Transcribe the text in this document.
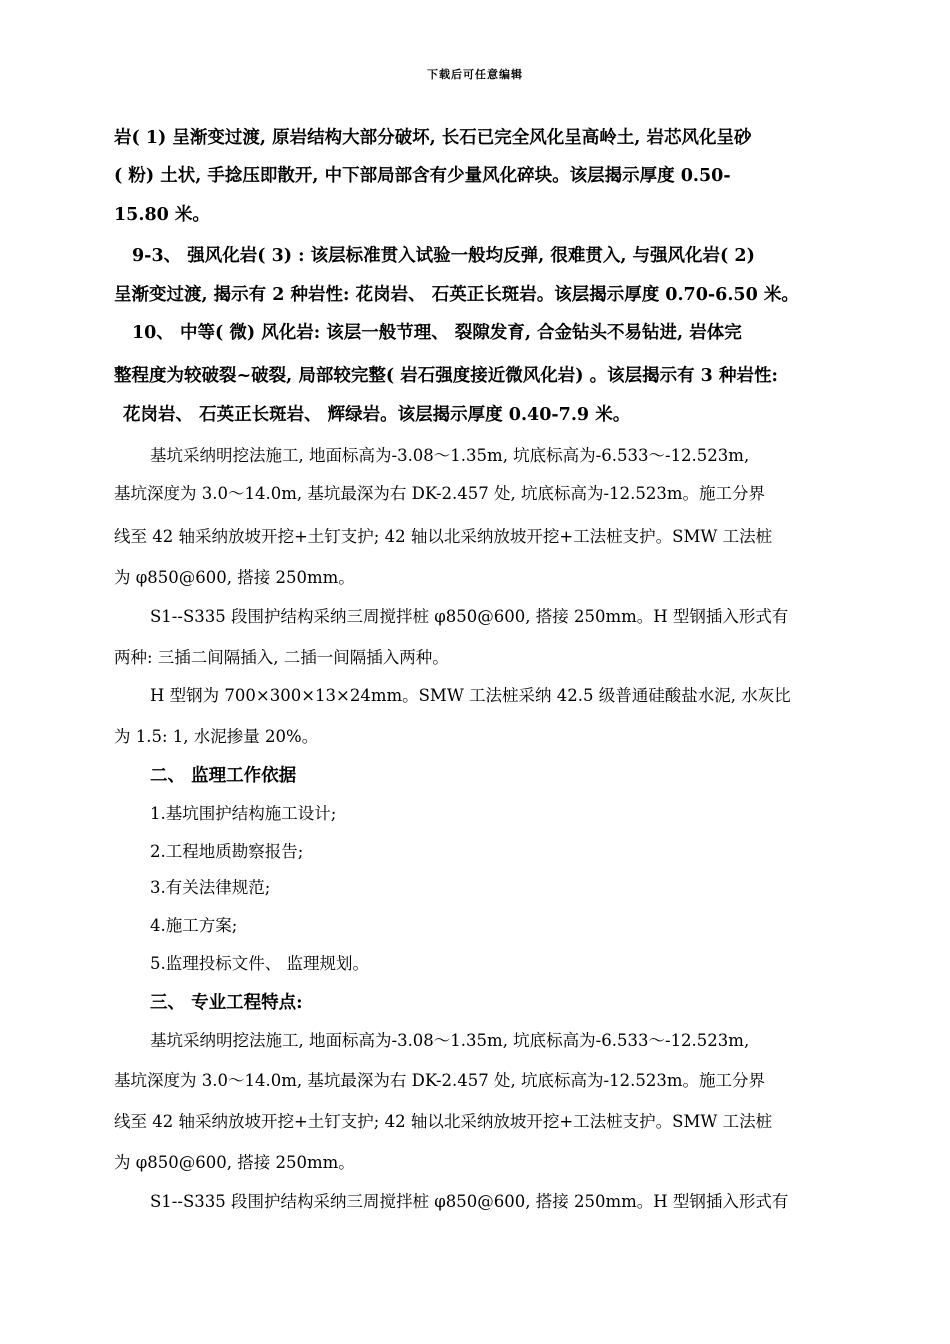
下载后可任意编辑
岩( 1) 呈渐变过渡, 原岩结构大部分破坏, 长石已完全风化呈高岭土, 岩芯风化呈砂
( 粉) 土状, 手捻压即散开, 中下部局部含有少量风化碎块。该层揭示厚度 0.50-
15.80 米。
9-3、 强风化岩( 3) : 该层标准贯入试验一般均反弹, 很难贯入, 与强风化岩( 2)
呈渐变过渡, 揭示有 2 种岩性: 花岗岩、 石英正长斑岩。该层揭示厚度 0.70-6.50 米。
10、 中等( 微) 风化岩: 该层一般节理、 裂隙发育, 合金钻头不易钻进, 岩体完
整程度为较破裂~破裂, 局部较完整( 岩石强度接近微风化岩) 。该层揭示有 3 种岩性:
花岗岩、 石英正长斑岩、 辉绿岩。该层揭示厚度 0.40-7.9 米。
基坑采纳明挖法施工, 地面标高为-3.08～1.35m, 坑底标高为-6.533～-12.523m,
基坑深度为 3.0～14.0m, 基坑最深为右 DK-2.457 处, 坑底标高为-12.523m。施工分界
线至 42 轴采纳放坡开挖+土钉支护; 42 轴以北采纳放坡开挖+工法桩支护。SMW 工法桩
为 φ850@600, 搭接 250mm。
S1--S335 段围护结构采纳三周搅拌桩 φ850@600, 搭接 250mm。H 型钢插入形式有
两种: 三插二间隔插入, 二插一间隔插入两种。
H 型钢为 700×300×13×24mm。SMW 工法桩采纳 42.5 级普通硅酸盐水泥, 水灰比
为 1.5: 1, 水泥掺量 20%。
二、 监理工作依据
1.基坑围护结构施工设计;
2.工程地质勘察报告;
3.有关法律规范;
4.施工方案;
5.监理投标文件、 监理规划。
三、 专业工程特点:
基坑采纳明挖法施工, 地面标高为-3.08～1.35m, 坑底标高为-6.533～-12.523m,
基坑深度为 3.0～14.0m, 基坑最深为右 DK-2.457 处, 坑底标高为-12.523m。施工分界
线至 42 轴采纳放坡开挖+土钉支护; 42 轴以北采纳放坡开挖+工法桩支护。SMW 工法桩
为 φ850@600, 搭接 250mm。
S1--S335 段围护结构采纳三周搅拌桩 φ850@600, 搭接 250mm。H 型钢插入形式有
